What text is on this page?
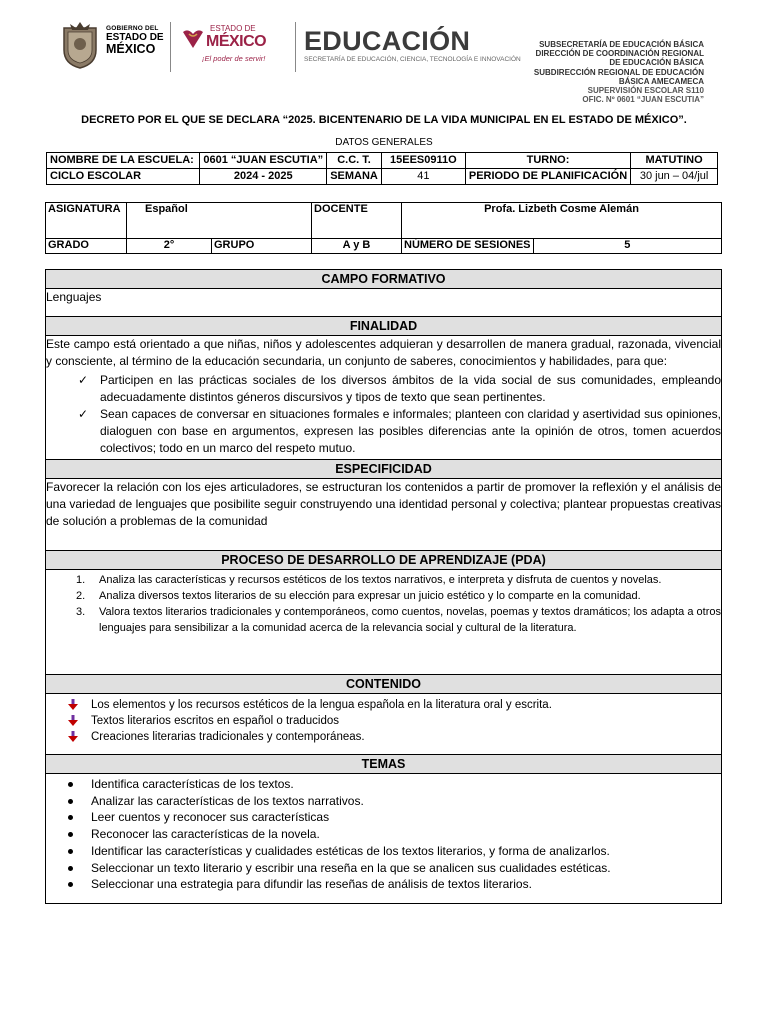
GOBIERNO DEL
ESTADO DE
MÉXICO
ESTADO DE
MÉXICO
¡El poder de servir!
EDUCACIÓN
SECRETARÍA DE EDUCACIÓN, CIENCIA, TECNOLOGÍA E INNOVACIÓN
SUBSECRETARÍA DE EDUCACIÓN BÁSICA
DIRECCIÓN DE COORDINACIÓN REGIONAL
DE EDUCACIÓN BÁSICA
SUBDIRECCIÓN REGIONAL DE EDUCACIÓN
BÁSICA AMECAMECA
SUPERVISIÓN ESCOLAR S110
OFIC. Nº 0601 “JUAN ESCUTIA”
DECRETO POR EL QUE SE DECLARA “2025. BICENTENARIO DE LA VIDA MUNICIPAL EN EL ESTADO DE MÉXICO”.
DATOS GENERALES
NOMBRE DE LA ESCUELA:	0601 “JUAN ESCUTIA”	C.C. T.	15EES0911O	TURNO:	MATUTINO
CICLO ESCOLAR	2024 - 2025	SEMANA	41	PERIODO DE PLANIFICACIÓN	30 jun – 04/jul
ASIGNATURA	Español		DOCENTE	Profa. Lizbeth Cosme Alemán	
GRADO	2°	GRUPO	A y B	NÚMERO DE SESIONES	5
CAMPO FORMATIVO
Lenguajes
FINALIDAD
Este campo está orientado a que niñas, niños y adolescentes adquieran y desarrollen de manera gradual, razonada, vivencial y consciente, al término de la educación secundaria, un conjunto de saberes, conocimientos y habilidades, para que:
✓ Participen en las prácticas sociales de los diversos ámbitos de la vida social de sus comunidades, empleando adecuadamente distintos géneros discursivos y tipos de texto que sean pertinentes.
✓ Sean capaces de conversar en situaciones formales e informales; planteen con claridad y asertividad sus opiniones, dialoguen con base en argumentos, expresen las posibles diferencias ante la opinión de otros, tomen acuerdos colectivos; todo en un marco del respeto mutuo.
ESPECIFICIDAD
Favorecer la relación con los ejes articuladores, se estructuran los contenidos a partir de promover la reflexión y el análisis de una variedad de lenguajes que posibilite seguir construyendo una identidad personal y colectiva; plantear propuestas creativas de solución a problemas de la comunidad
PROCESO DE DESARROLLO DE APRENDIZAJE (PDA)
1. Analiza las características y recursos estéticos de los textos narrativos, e interpreta y disfruta de cuentos y novelas.
2. Analiza diversos textos literarios de su elección para expresar un juicio estético y lo comparte en la comunidad.
3. Valora textos literarios tradicionales y contemporáneos, como cuentos, novelas, poemas y textos dramáticos; los adapta a otros lenguajes para sensibilizar a la comunidad acerca de la relevancia social y cultural de la literatura.
CONTENIDO
Los elementos y los recursos estéticos de la lengua española en la literatura oral y escrita.
Textos literarios escritos en español o traducidos
Creaciones literarias tradicionales y contemporáneas.
TEMAS
Identifica características de los textos.
Analizar las características de los textos narrativos.
Leer cuentos y reconocer sus características
Reconocer las características de la novela.
Identificar las características y cualidades estéticas de los textos literarios, y forma de analizarlos.
Seleccionar un texto literario y escribir una reseña en la que se analicen sus cualidades estéticas.
Seleccionar una estrategia para difundir las reseñas de análisis de textos literarios.
